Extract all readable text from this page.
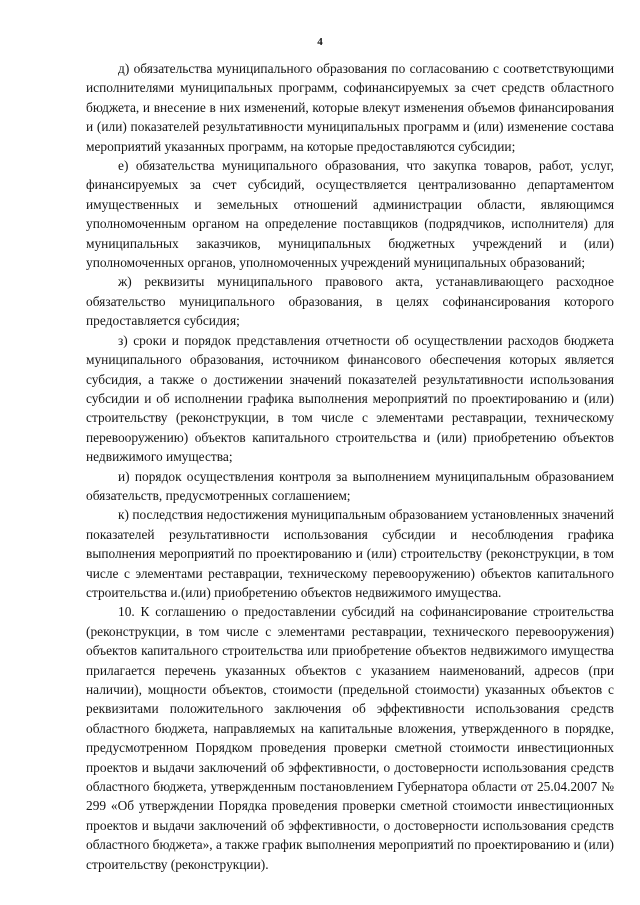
4

д) обязательства муниципального образования по согласованию с соответствующими исполнителями муниципальных программ, софинансируемых за счет средств областного бюджета, и внесение в них изменений, которые влекут изменения объемов финансирования и (или) показателей результативности муниципальных программ и (или) изменение состава мероприятий указанных программ, на которые предоставляются субсидии;

е) обязательства муниципального образования, что закупка товаров, работ, услуг, финансируемых за счет субсидий, осуществляется централизованно департаментом имущественных и земельных отношений администрации области, являющимся уполномоченным органом на определение поставщиков (подрядчиков, исполнителя) для муниципальных заказчиков, муниципальных бюджетных учреждений и (или) уполномоченных органов, уполномоченных учреждений муниципальных образований;

ж) реквизиты муниципального правового акта, устанавливающего расходное обязательство муниципального образования, в целях софинансирования которого предоставляется субсидия;

з) сроки и порядок представления отчетности об осуществлении расходов бюджета муниципального образования, источником финансового обеспечения которых является субсидия, а также о достижении значений показателей результативности использования субсидии и об исполнении графика выполнения мероприятий по проектированию и (или) строительству (реконструкции, в том числе с элементами реставрации, техническому перевооружению) объектов капитального строительства и (или) приобретению объектов недвижимого имущества;

и) порядок осуществления контроля за выполнением муниципальным образованием обязательств, предусмотренных соглашением;

к) последствия недостижения муниципальным образованием установленных значений показателей результативности использования субсидии и несоблюдения графика выполнения мероприятий по проектированию и (или) строительству (реконструкции, в том числе с элементами реставрации, техническому перевооружению) объектов капитального строительства и.(или) приобретению объектов недвижимого имущества.

10. К соглашению о предоставлении субсидий на софинансирование строительства (реконструкции, в том числе с элементами реставрации, технического перевооружения) объектов капитального строительства или приобретение объектов недвижимого имущества прилагается перечень указанных объектов с указанием наименований, адресов (при наличии), мощности объектов, стоимости (предельной стоимости) указанных объектов с реквизитами положительного заключения об эффективности использования средств областного бюджета, направляемых на капитальные вложения, утвержденного в порядке, предусмотренном Порядком проведения проверки сметной стоимости инвестиционных проектов и выдачи заключений об эффективности, о достоверности использования средств областного бюджета, утвержденным постановлением Губернатора области от 25.04.2007 № 299 «Об утверждении Порядка проведения проверки сметной стоимости инвестиционных проектов и выдачи заключений об эффективности, о достоверности использования средств областного бюджета», а также график выполнения мероприятий по проектированию и (или) строительству (реконструкции).
